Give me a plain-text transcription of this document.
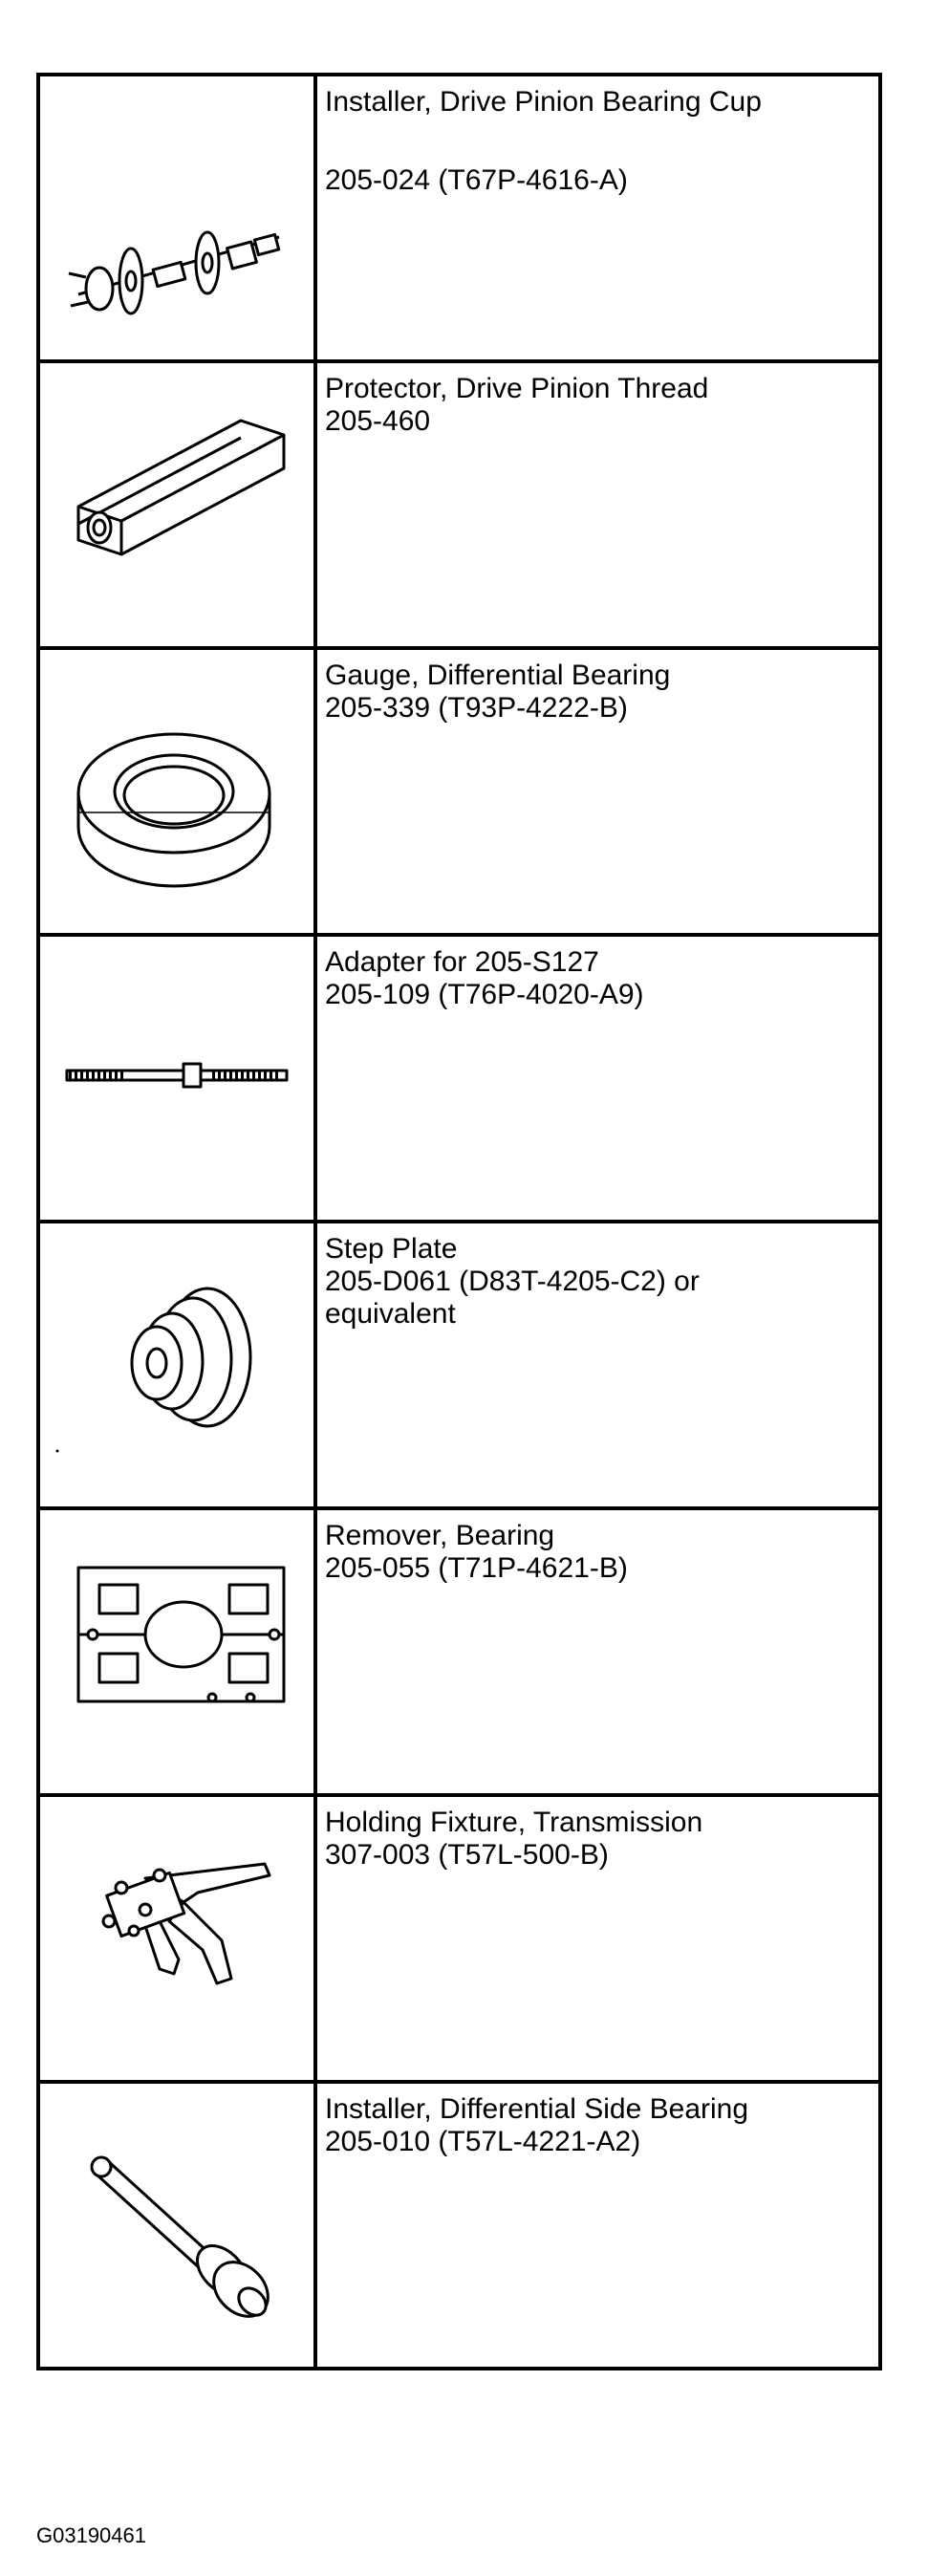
Installer, Drive Pinion Bearing Cup
205-024 (T67P-4616-A)

Protector, Drive Pinion Thread
205-460

Gauge, Differential Bearing
205-339 (T93P-4222-B)

Adapter for 205-S127
205-109 (T76P-4020-A9)

Step Plate
205-D061 (D83T-4205-C2) or
equivalent

Remover, Bearing
205-055 (T71P-4621-B)

Holding Fixture, Transmission
307-003 (T57L-500-B)

Installer, Differential Side Bearing
205-010 (T57L-4221-A2)
G03190461
